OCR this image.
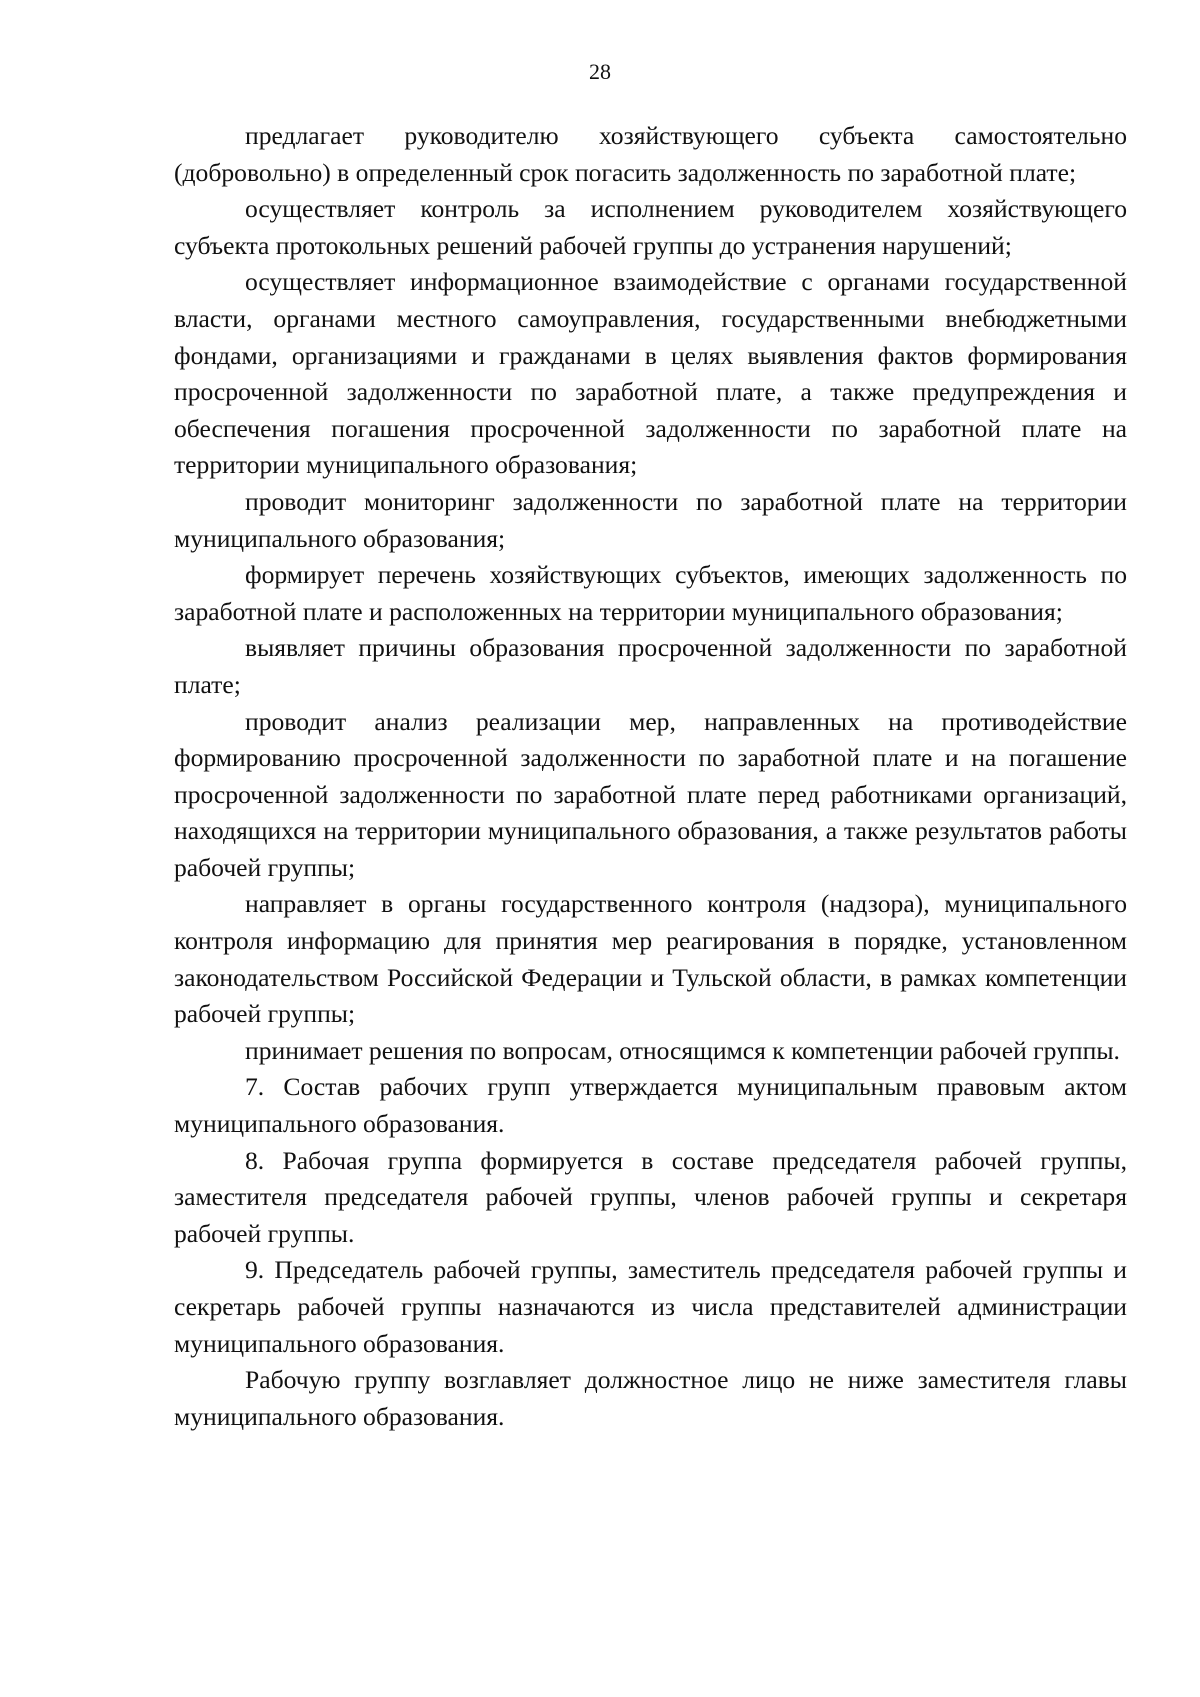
28

предлагает руководителю хозяйствующего субъекта самостоятельно (добровольно) в определенный срок погасить задолженность по заработной плате;

осуществляет контроль за исполнением руководителем хозяйствующего субъекта протокольных решений рабочей группы до устранения нарушений;

осуществляет информационное взаимодействие с органами государственной власти, органами местного самоуправления, государственными внебюджетными фондами, организациями и гражданами в целях выявления фактов формирования просроченной задолженности по заработной плате, а также предупреждения и обеспечения погашения просроченной задолженности по заработной плате на территории муниципального образования;

проводит мониторинг задолженности по заработной плате на территории муниципального образования;

формирует перечень хозяйствующих субъектов, имеющих задолженность по заработной плате и расположенных на территории муниципального образования;

выявляет причины образования просроченной задолженности по заработной плате;

проводит анализ реализации мер, направленных на противодействие формированию просроченной задолженности по заработной плате и на погашение просроченной задолженности по заработной плате перед работниками организаций, находящихся на территории муниципального образования, а также результатов работы рабочей группы;

направляет в органы государственного контроля (надзора), муниципального контроля информацию для принятия мер реагирования в порядке, установленном законодательством Российской Федерации и Тульской области, в рамках компетенции рабочей группы;

принимает решения по вопросам, относящимся к компетенции рабочей группы.

7. Состав рабочих групп утверждается муниципальным правовым актом муниципального образования.

8. Рабочая группа формируется в составе председателя рабочей группы, заместителя председателя рабочей группы, членов рабочей группы и секретаря рабочей группы.

9. Председатель рабочей группы, заместитель председателя рабочей группы и секретарь рабочей группы назначаются из числа представителей администрации муниципального образования.

Рабочую группу возглавляет должностное лицо не ниже заместителя главы муниципального образования.
